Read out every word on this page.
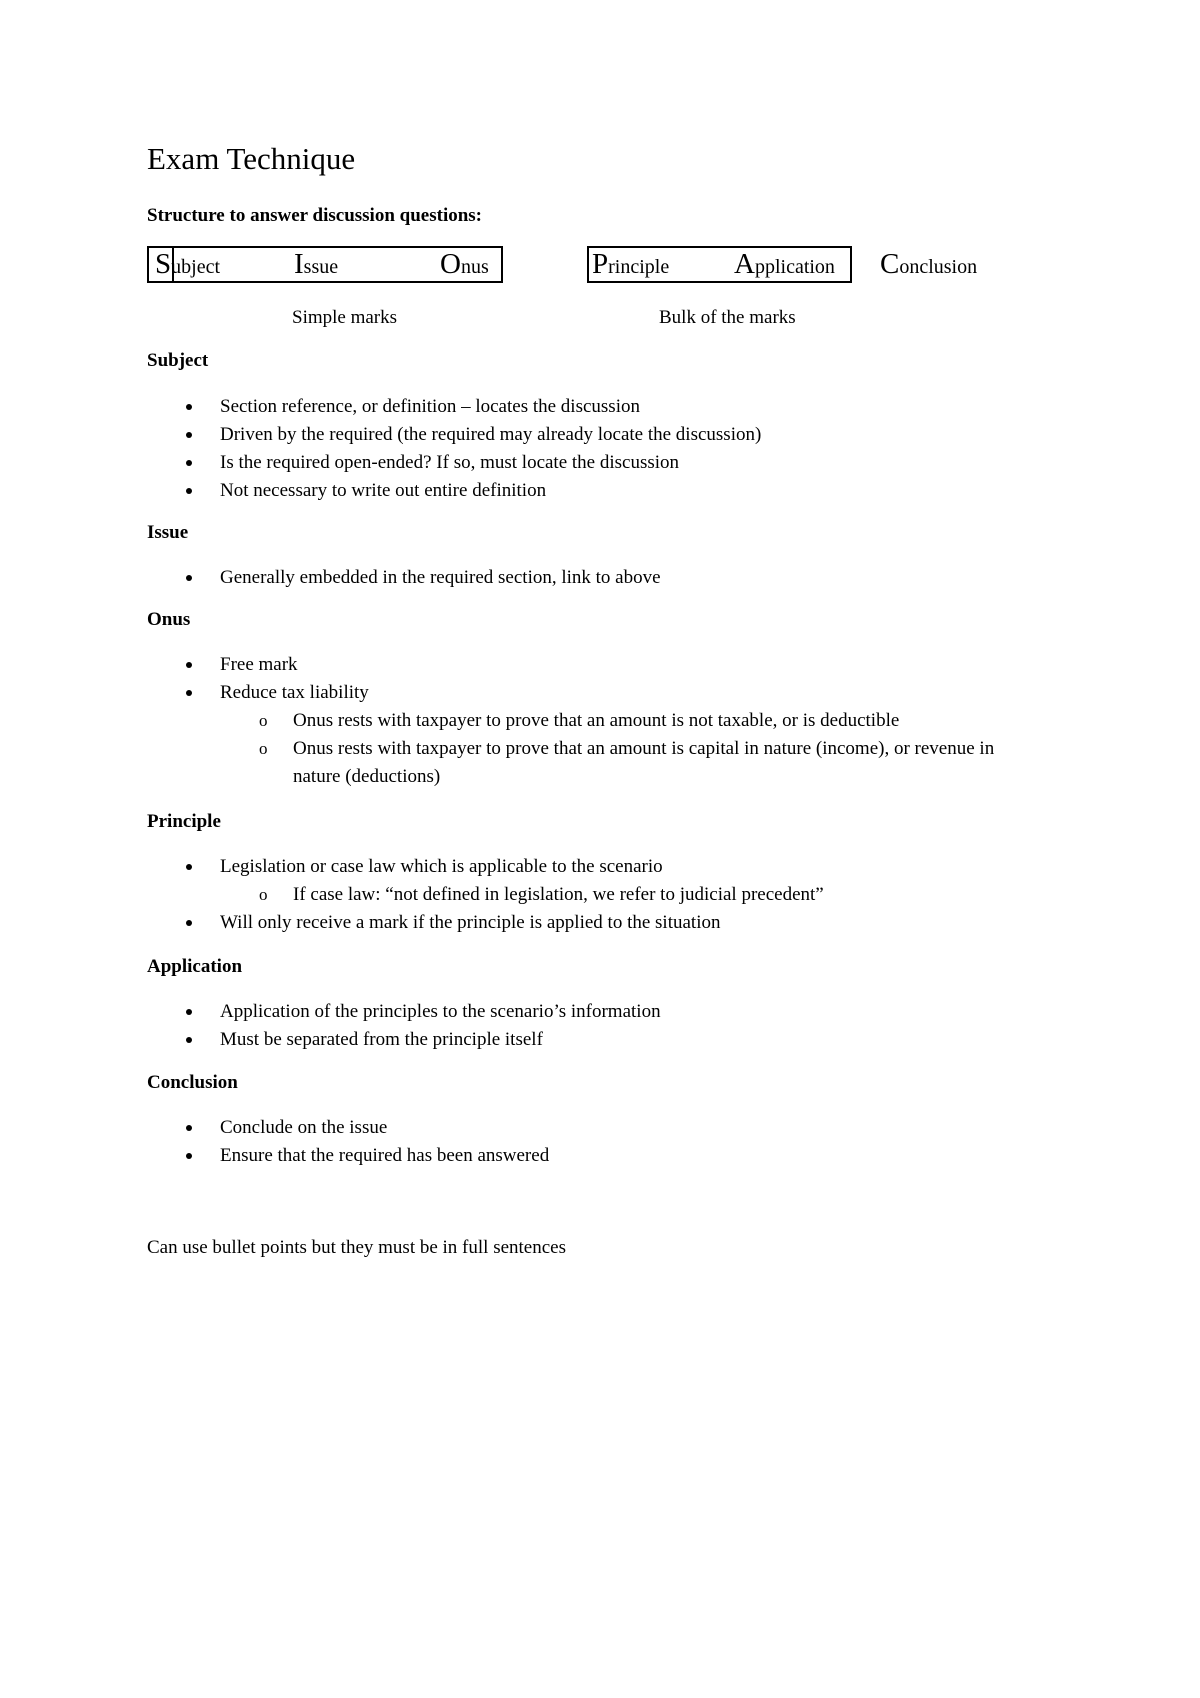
Exam Technique

Structure to answer discussion questions:

Subject	Issue	Onus	Principle Application Conclusion
Simple marks	Bulk of the marks

Subject

Section reference, or definition – locates the discussion
Driven by the required (the required may already locate the discussion)
Is the required open-ended? If so, must locate the discussion
Not necessary to write out entire definition

Issue

Generally embedded in the required section, link to above

Onus

Free mark
Reduce tax liability
o Onus rests with taxpayer to prove that an amount is not taxable, or is deductible
o Onus rests with taxpayer to prove that an amount is capital in nature (income), or revenue in nature (deductions)

Principle

Legislation or case law which is applicable to the scenario
o If case law: “not defined in legislation, we refer to judicial precedent”
Will only receive a mark if the principle is applied to the situation

Application

Application of the principles to the scenario’s information
Must be separated from the principle itself

Conclusion

Conclude on the issue
Ensure that the required has been answered

Can use bullet points but they must be in full sentences
